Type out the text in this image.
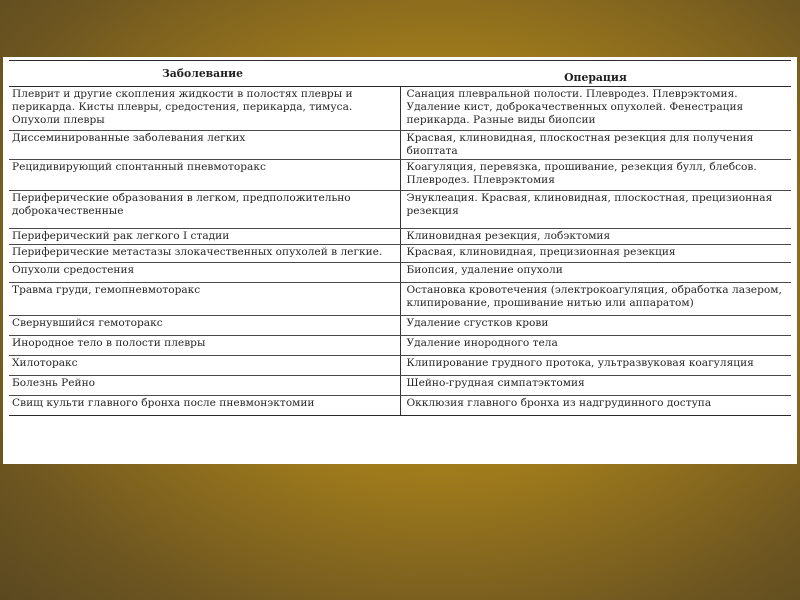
Заболевание	Операция
Плеврит и другие скопления жидкости в полостях плевры и перикарда. Кисты плевры, средостения, перикарда, тимуса. Опухоли плевры	Санация плевральной полости. Плевродез. Плеврэктомия. Удаление кист, доброкачественных опухолей. Фенестрация перикарда. Разные виды биопсии
Диссеминированные заболевания легких	Красвая, клиновидная, плоскостная резекция для получения биоптата
Рецидивирующий спонтанный пневмоторакс	Коагуляция, перевязка, прошивание, резекция булл, блебсов. Плевродез. Плеврэктомия
Периферические образования в легком, предположительно доброкачественные	Энуклеация. Красвая, клиновидная, плоскостная, прецизионная резекция
Периферический рак легкого I стадии	Клиновидная резекция, лобэктомия
Периферические метастазы злокачественных опухолей в легкие.	Красвая, клиновидная, прецизионная резекция
Опухоли средостения	Биопсия, удаление опухоли
Травма груди, гемопневмоторакс	Остановка кровотечения (электрокоагуляция, обработка лазером, клипирование, прошивание нитью или аппаратом)
Свернувшийся гемоторакс	Удаление сгустков крови
Инородное тело в полости плевры	Удаление инородного тела
Хилоторакс	Клипирование грудного протока, ультразвуковая коагуляция
Болезнь Рейно	Шейно-грудная симпатэктомия
Свищ культи главного бронха после пневмонэктомии	Окклюзия главного бронха из надгрудинного доступа
